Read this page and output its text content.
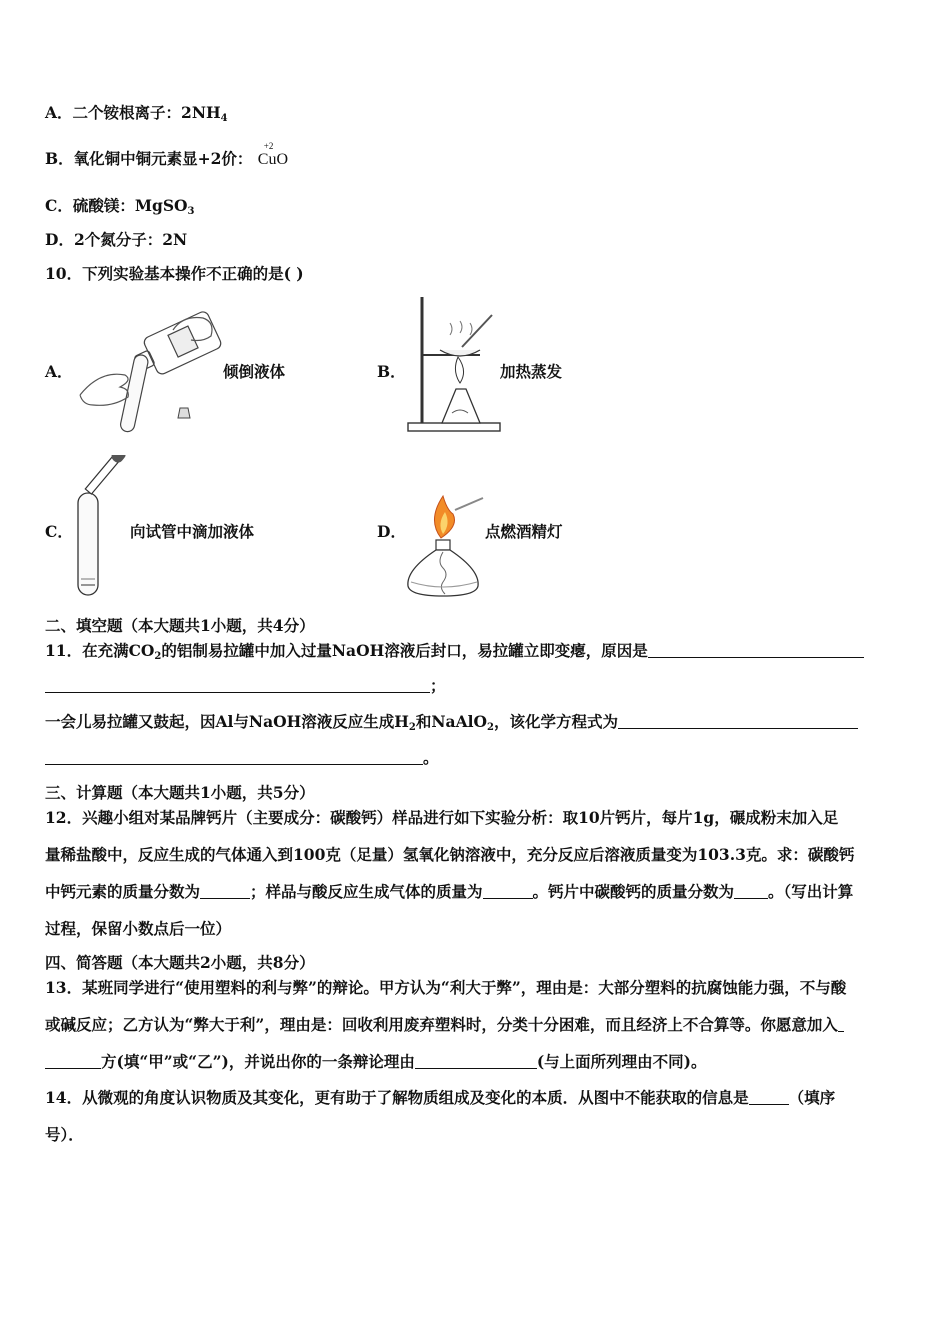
A．二个铵根离子：$2NH_4$
B．氧化铜中铜元素显+2价：
+2
CuO
C．硫酸镁：MgSO$_3$
D．2个氮分子：2N
10．下列实验基本操作不正确的是( )
A．	倾倒液体	B．	加热蒸发
C．	向试管中滴加液体	D．	点燃酒精灯
二、填空题（本大题共1小题，共4分）
11．在充满$CO_2$的铝制易拉罐中加入过量NaOH溶液后封口，易拉罐立即变瘪，原因是
；
一会儿易拉罐又鼓起，因Al与NaOH溶液反应生成$H_2$和NaAlO$_2$，该化学方程式为
。
三、计算题（本大题共1小题，共5分）
12．兴趣小组对某品牌钙片（主要成分：碳酸钙）样品进行如下实验分析：取10片钙片，每片1g，碾成粉末加入足
量稀盐酸中，反应生成的气体通入到100克（足量）氢氧化钠溶液中，充分反应后溶液质量变为103.3克。求：碳酸钙
中钙元素的质量分数为	；样品与酸反应生成气体的质量为	。钙片中碳酸钙的质量分数为 。（写出计算
过程，保留小数点后一位）
四、简答题（本大题共2小题，共8分）
13．某班同学进行“使用塑料的利与弊”的辩论。甲方认为“利大于弊”，理由是：大部分塑料的抗腐蚀能力强，不与酸
或碱反应；乙方认为“弊大于利”，理由是：回收利用废弃塑料时，分类十分困难，而且经济上不合算等。你愿意加入
方(填“甲”或“乙”)，并说出你的一条辩论理由	(与上面所列理由不同)。
14．从微观的角度认识物质及其变化，更有助于了解物质组成及变化的本质．从图中不能获取的信息是	（填序
号）．
